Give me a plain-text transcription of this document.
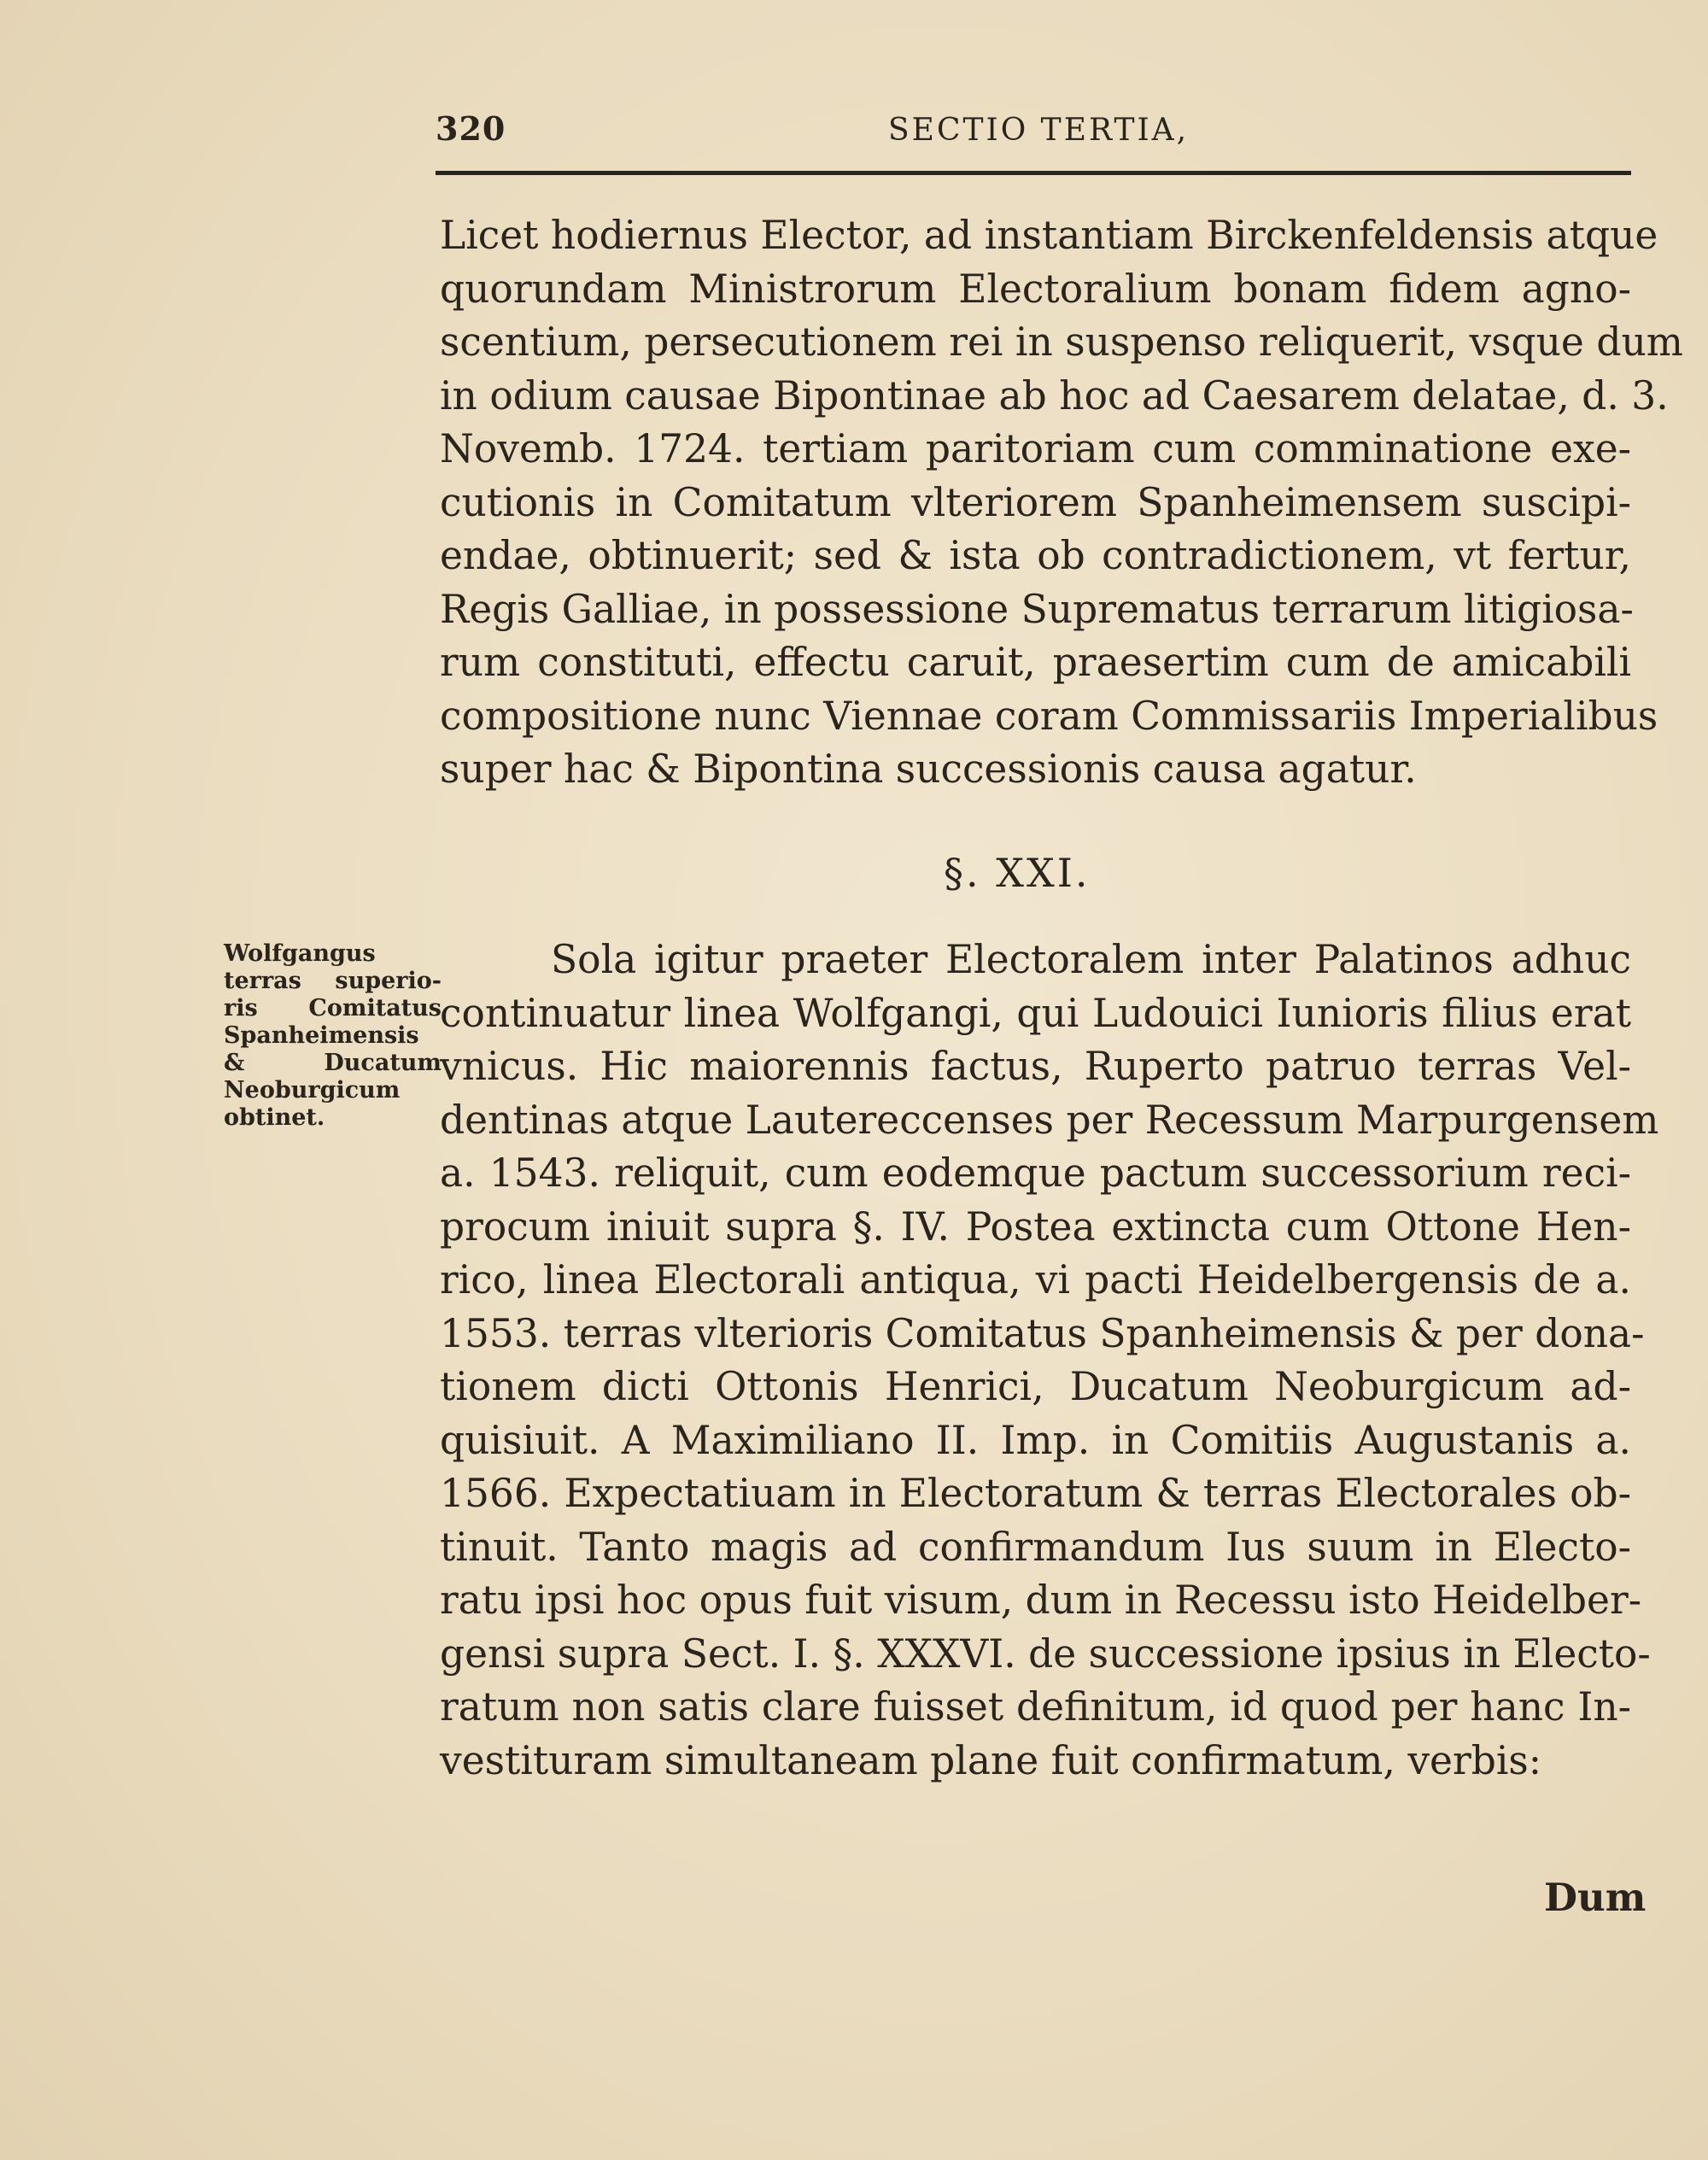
320	SECTIO TERTIA,
Licet hodiernus Elector, ad instantiam Birckenfeldensis atque
quorundam Ministrorum Electoralium bonam fidem agno-
scentium, persecutionem rei in suspenso reliquerit, vsque dum
in odium causae Bipontinae ab hoc ad Caesarem delatae, d. 3.
Novemb. 1724. tertiam paritoriam cum comminatione exe-
cutionis in Comitatum vlteriorem Spanheimensem suscipi-
endae, obtinuerit; sed & ista ob contradictionem, vt fertur,
Regis Galliae, in possessione Suprematus terrarum litigiosa-
rum constituti, effectu caruit, praesertim cum de amicabili
compositione nunc Viennae coram Commissariis Imperialibus
super hac & Bipontina successionis causa agatur.
§. XXI.
Wolfgangus
terras superio-
ris Comitatus
Spanheimensis
& Ducatum
Neoburgicum
obtinet.
Sola igitur praeter Electoralem inter Palatinos adhuc
continuatur linea Wolfgangi, qui Ludouici Iunioris filius erat
vnicus. Hic maiorennis factus, Ruperto patruo terras Vel-
dentinas atque Lautereccenses per Recessum Marpurgensem
a. 1543. reliquit, cum eodemque pactum successorium reci-
procum iniuit supra §. IV. Postea extincta cum Ottone Hen-
rico, linea Electorali antiqua, vi pacti Heidelbergensis de a.
1553. terras vlterioris Comitatus Spanheimensis & per dona-
tionem dicti Ottonis Henrici, Ducatum Neoburgicum ad-
quisiuit. A Maximiliano II. Imp. in Comitiis Augustanis a.
1566. Expectatiuam in Electoratum & terras Electorales ob-
tinuit. Tanto magis ad confirmandum Ius suum in Electo-
ratu ipsi hoc opus fuit visum, dum in Recessu isto Heidelber-
gensi supra Sect. I. §. XXXVI. de successione ipsius in Electo-
ratum non satis clare fuisset definitum, id quod per hanc In-
vestituram simultaneam plane fuit confirmatum, verbis:
Dum
